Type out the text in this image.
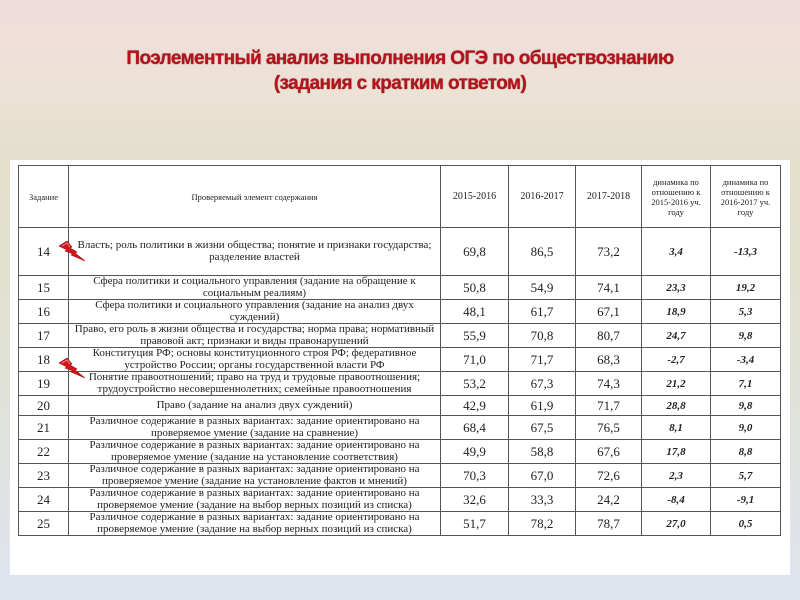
Поэлементный анализ выполнения ОГЭ по обществознанию
(задания с кратким ответом)
Задание	Проверяемый элемент содержания	2015-2016	2016-2017	2017-2018	динамика по отношению к 2015-2016 уч. году	динамика по отношению к 2016-2017 уч. году
14	Власть; роль политики в жизни общества; понятие и признаки государства; разделение властей	69,8	86,5	73,2	3,4	-13,3
15	Сфера политики и социального управления (задание на обращение к социальным реалиям)	50,8	54,9	74,1	23,3	19,2
16	Сфера политики и социального управления (задание на анализ двух суждений)	48,1	61,7	67,1	18,9	5,3
17	Право, его роль в жизни общества и государства; норма права; нормативный правовой акт; признаки и виды правонарушений	55,9	70,8	80,7	24,7	9,8
18	Конституция РФ; основы конституционного строя РФ; федеративное устройство России; органы государственной власти РФ	71,0	71,7	68,3	-2,7	-3,4
19	Понятие правоотношений; право на труд и трудовые правоотношения; трудоустройство несовершеннолетних; семейные правоотношения	53,2	67,3	74,3	21,2	7,1
20	Право (задание на анализ двух суждений)	42,9	61,9	71,7	28,8	9,8
21	Различное содержание в разных вариантах: задание ориентировано на проверяемое умение (задание на сравнение)	68,4	67,5	76,5	8,1	9,0
22	Различное содержание в разных вариантах: задание ориентировано на проверяемое умение (задание на установление соответствия)	49,9	58,8	67,6	17,8	8,8
23	Различное содержание в разных вариантах: задание ориентировано на проверяемое умение (задание на установление фактов и мнений)	70,3	67,0	72,6	2,3	5,7
24	Различное содержание в разных вариантах: задание ориентировано на проверяемое умение (задание на выбор верных позиций из списка)	32,6	33,3	24,2	-8,4	-9,1
25	Различное содержание в разных вариантах: задание ориентировано на проверяемое умение (задание на выбор верных позиций из списка)	51,7	78,2	78,7	27,0	0,5
